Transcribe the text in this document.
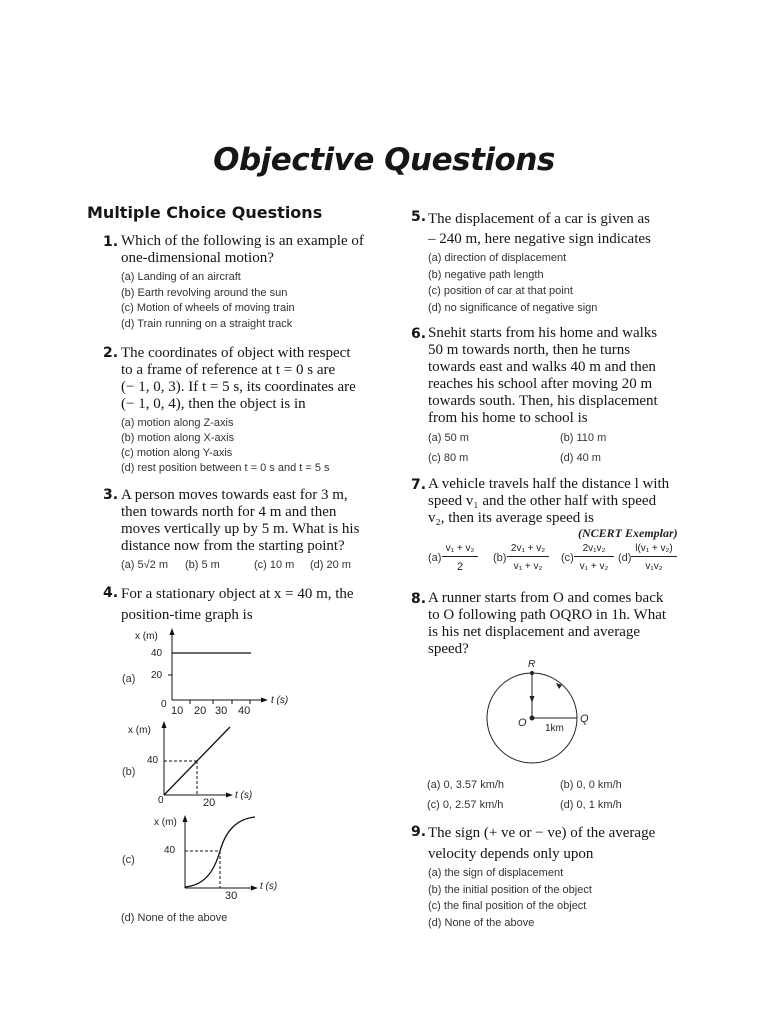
Objective Questions
Multiple Choice Questions
1. Which of the following is an example of
one-dimensional motion?
(a) Landing of an aircraft
(b) Earth revolving around the sun
(c) Motion of wheels of moving train
(d) Train running on a straight track
2. The coordinates of object with respect
to a frame of reference at t = 0 s are
(− 1, 0, 3). If t = 5 s, its coordinates are
(− 1, 0, 4), then the object is in
(a) motion along Z-axis
(b) motion along X-axis
(c) motion along Y-axis
(d) rest position between t = 0 s and t = 5 s
3. A person moves towards east for 3 m,
then towards north for 4 m and then
moves vertically up by 5 m. What is his
distance now from the starting point?
(a) 5√2 m (b) 5 m	(c) 10 m (d) 20 m
4. For a stationary object at x = 40 m, the
position-time graph is
(a)
(b)
(c)
(d) None of the above
x (m)
40
20
0
10 20 30 40
t (s)
x (m)
40
0	20
t (s)
x (m)
40
30
t (s)
5. The displacement of a car is given as
– 240 m, here negative sign indicates
(a) direction of displacement
(b) negative path length
(c) position of car at that point
(d) no significance of negative sign
6. Snehit starts from his home and walks
50 m towards north, then he turns
towards east and walks 40 m and then
reaches his school after moving 20 m
towards south. Then, his displacement
from his home to school is
(a) 50 m	(b) 110 m
(c) 80 m	(d) 40 m
7. A vehicle travels half the distance l with
speed v₁ and the other half with speed
v₂, then its average speed is
(NCERT Exemplar)
$(a) \frac{\text{v₁ + v₂}}{2} (b) \frac{\text{2v₁ + v₂}}{\text{v₁ + v₂}} (c) \frac{\text{2v₁v₂}}{\text{v₁ + v₂}} (d) \frac{\text{l(v₁ + v₂)}}{\text{v₁v₂}}$
8. A runner starts from O and comes back
to O following path OQRO in 1h. What
is his net displacement and average
speed?
R
O	Q
1km
(a) 0, 3.57 km/h	(b) 0, 0 km/h
(c) 0, 2.57 km/h	(d) 0, 1 km/h
9. The sign (+ ve or − ve) of the average
velocity depends only upon
(a) the sign of displacement
(b) the initial position of the object
(c) the final position of the object
(d) None of the above
